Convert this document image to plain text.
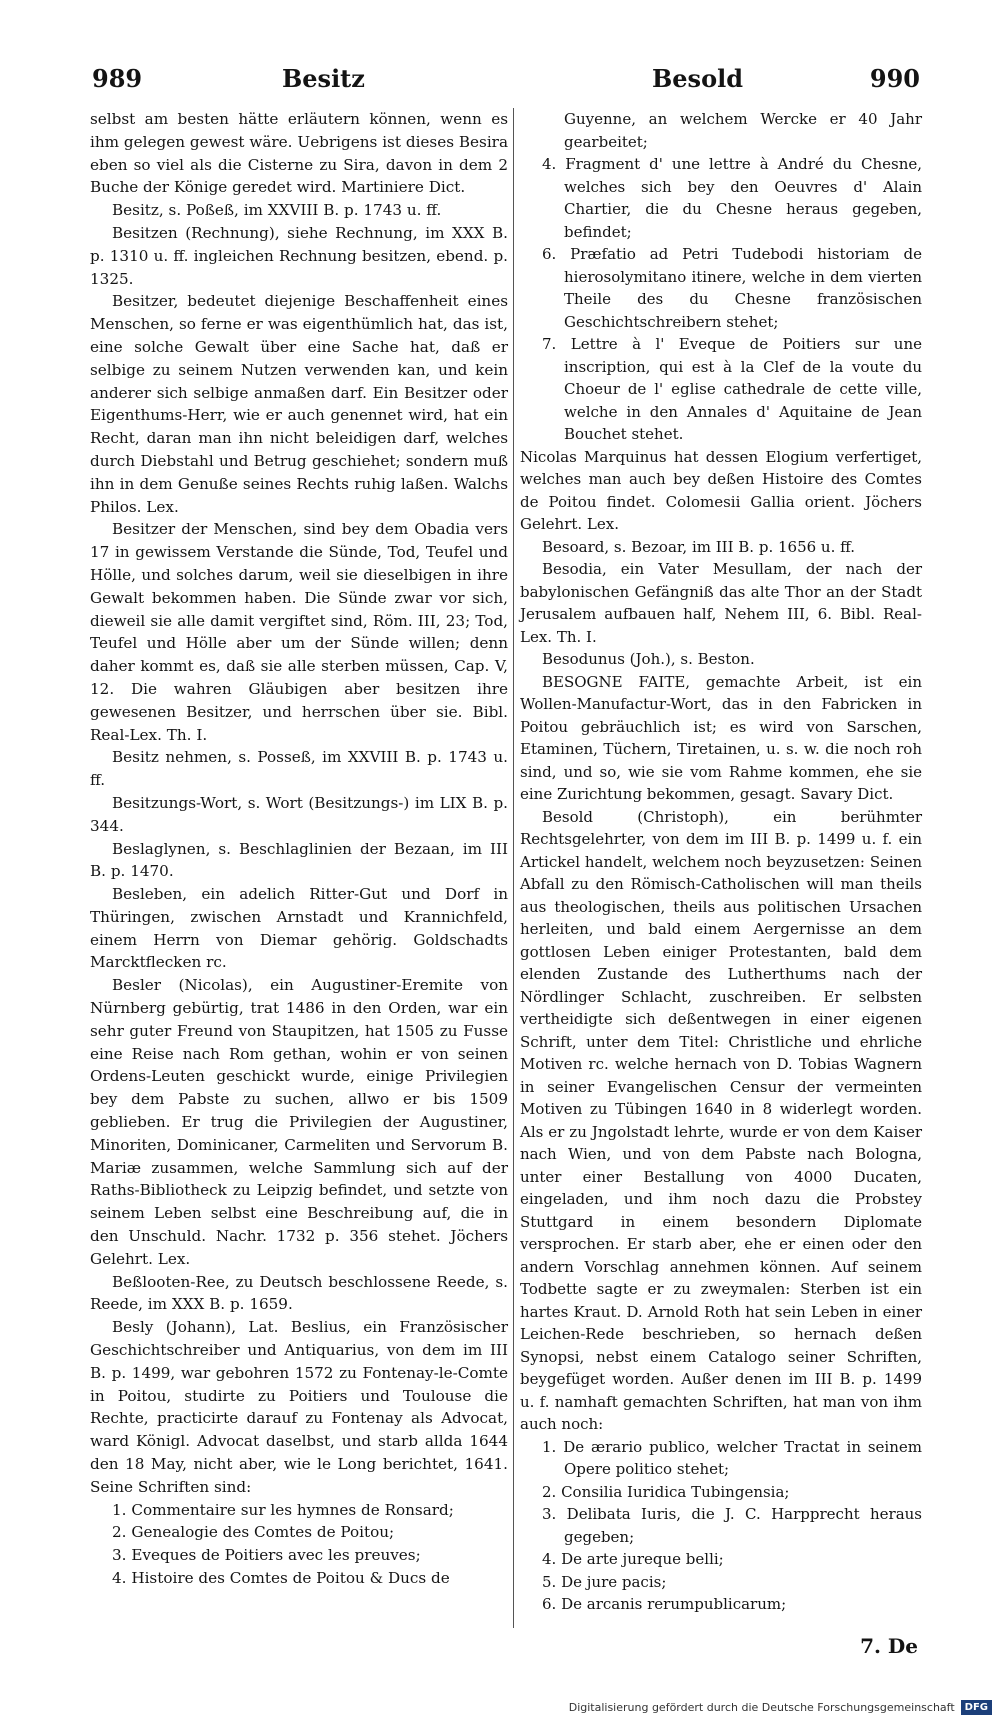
989	Besitz	Besold	990

selbst am besten hätte erläutern können, wenn es ihm gelegen gewest wäre. Uebrigens ist dieses Besira eben so viel als die Cisterne zu Sira, davon in dem 2 Buche der Könige geredet wird. Martiniere Dict.

Besitz, s. Poßeß, im XXVIII B. p. 1743 u. ff.

Besitzen (Rechnung), siehe Rechnung, im XXX B. p. 1310 u. ff. ingleichen Rechnung besitzen, ebend. p. 1325.

Besitzer, bedeutet diejenige Beschaffenheit eines Menschen, so ferne er was eigenthümlich hat, das ist, eine solche Gewalt über eine Sache hat, daß er selbige zu seinem Nutzen verwenden kan, und kein anderer sich selbige anmaßen darf. Ein Besitzer oder Eigenthums-Herr, wie er auch genennet wird, hat ein Recht, daran man ihn nicht beleidigen darf, welches durch Diebstahl und Betrug geschiehet; sondern muß ihn in dem Genuße seines Rechts ruhig laßen. Walchs Philos. Lex.

Besitzer der Menschen, sind bey dem Obadia vers 17 in gewissem Verstande die Sünde, Tod, Teufel und Hölle, und solches darum, weil sie dieselbigen in ihre Gewalt bekommen haben. Die Sünde zwar vor sich, dieweil sie alle damit vergiftet sind, Röm. III, 23; Tod, Teufel und Hölle aber um der Sünde willen; denn daher kommt es, daß sie alle sterben müssen, Cap. V, 12. Die wahren Gläubigen aber besitzen ihre gewesenen Besitzer, und herrschen über sie. Bibl. Real-Lex. Th. I.

Besitz nehmen, s. Posseß, im XXVIII B. p. 1743 u. ff.

Besitzungs-Wort, s. Wort (Besitzungs-) im LIX B. p. 344.

Beslaglynen, s. Beschlaglinien der Bezaan, im III B. p. 1470.

Besleben, ein adelich Ritter-Gut und Dorf in Thüringen, zwischen Arnstadt und Krannichfeld, einem Herrn von Diemar gehörig. Goldschadts Marcktflecken rc.

Besler (Nicolas), ein Augustiner-Eremite von Nürnberg gebürtig, trat 1486 in den Orden, war ein sehr guter Freund von Staupitzen, hat 1505 zu Fusse eine Reise nach Rom gethan, wohin er von seinen Ordens-Leuten geschickt wurde, einige Privilegien bey dem Pabste zu suchen, allwo er bis 1509 geblieben. Er trug die Privilegien der Augustiner, Minoriten, Dominicaner, Carmeliten und Servorum B. Mariæ zusammen, welche Sammlung sich auf der Raths-Bibliotheck zu Leipzig befindet, und setzte von seinem Leben selbst eine Beschreibung auf, die in den Unschuld. Nachr. 1732 p. 356 stehet. Jöchers Gelehrt. Lex.

Beßlooten-Ree, zu Deutsch beschlossene Reede, s. Reede, im XXX B. p. 1659.

Besly (Johann), Lat. Beslius, ein Französischer Geschichtschreiber und Antiquarius, von dem im III B. p. 1499, war gebohren 1572 zu Fontenay-le-Comte in Poitou, studirte zu Poitiers und Toulouse die Rechte, practicirte darauf zu Fontenay als Advocat, ward Königl. Advocat daselbst, und starb allda 1644 den 18 May, nicht aber, wie le Long berichtet, 1641. Seine Schriften sind:

1. Commentaire sur les hymnes de Ronsard;

2. Genealogie des Comtes de Poitou;

3. Eveques de Poitiers avec les preuves;

4. Histoire des Comtes de Poitou & Ducs de

Guyenne, an welchem Wercke er 40 Jahr gearbeitet;

4. Fragment d' une lettre à André du Chesne, welches sich bey den Oeuvres d' Alain Chartier, die du Chesne heraus gegeben, befindet;

6. Præfatio ad Petri Tudebodi historiam de hierosolymitano itinere, welche in dem vierten Theile des du Chesne französischen Geschichtschreibern stehet;

7. Lettre à l' Eveque de Poitiers sur une inscription, qui est à la Clef de la voute du Choeur de l' eglise cathedrale de cette ville, welche in den Annales d' Aquitaine de Jean Bouchet stehet.

Nicolas Marquinus hat dessen Elogium verfertiget, welches man auch bey deßen Histoire des Comtes de Poitou findet. Colomesii Gallia orient. Jöchers Gelehrt. Lex.

Besoard, s. Bezoar, im III B. p. 1656 u. ff.

Besodia, ein Vater Mesullam, der nach der babylonischen Gefängniß das alte Thor an der Stadt Jerusalem aufbauen half, Nehem III, 6. Bibl. Real-Lex. Th. I.

Besodunus (Joh.), s. Beston.

BESOGNE FAITE, gemachte Arbeit, ist ein Wollen-Manufactur-Wort, das in den Fabricken in Poitou gebräuchlich ist; es wird von Sarschen, Etaminen, Tüchern, Tiretainen, u. s. w. die noch roh sind, und so, wie sie vom Rahme kommen, ehe sie eine Zurichtung bekommen, gesagt. Savary Dict.

Besold (Christoph), ein berühmter Rechtsgelehrter, von dem im III B. p. 1499 u. f. ein Artickel handelt, welchem noch beyzusetzen: Seinen Abfall zu den Römisch-Catholischen will man theils aus theologischen, theils aus politischen Ursachen herleiten, und bald einem Aergernisse an dem gottlosen Leben einiger Protestanten, bald dem elenden Zustande des Lutherthums nach der Nördlinger Schlacht, zuschreiben. Er selbsten vertheidigte sich deßentwegen in einer eigenen Schrift, unter dem Titel: Christliche und ehrliche Motiven rc. welche hernach von D. Tobias Wagnern in seiner Evangelischen Censur der vermeinten Motiven zu Tübingen 1640 in 8 widerlegt worden. Als er zu Jngolstadt lehrte, wurde er von dem Kaiser nach Wien, und von dem Pabste nach Bologna, unter einer Bestallung von 4000 Ducaten, eingeladen, und ihm noch dazu die Probstey Stuttgard in einem besondern Diplomate versprochen. Er starb aber, ehe er einen oder den andern Vorschlag annehmen können. Auf seinem Todbette sagte er zu zweymalen: Sterben ist ein hartes Kraut. D. Arnold Roth hat sein Leben in einer Leichen-Rede beschrieben, so hernach deßen Synopsi, nebst einem Catalogo seiner Schriften, beygefüget worden. Außer denen im III B. p. 1499 u. f. namhaft gemachten Schriften, hat man von ihm auch noch:

1. De ærario publico, welcher Tractat in seinem Opere politico stehet;

2. Consilia Iuridica Tubingensia;

3. Delibata Iuris, die J. C. Harpprecht heraus gegeben;

4. De arte jureque belli;

5. De jure pacis;

6. De arcanis rerumpublicarum;

7. De
Digitalisierung gefördert durch die Deutsche Forschungsgemeinschaft	DFG
